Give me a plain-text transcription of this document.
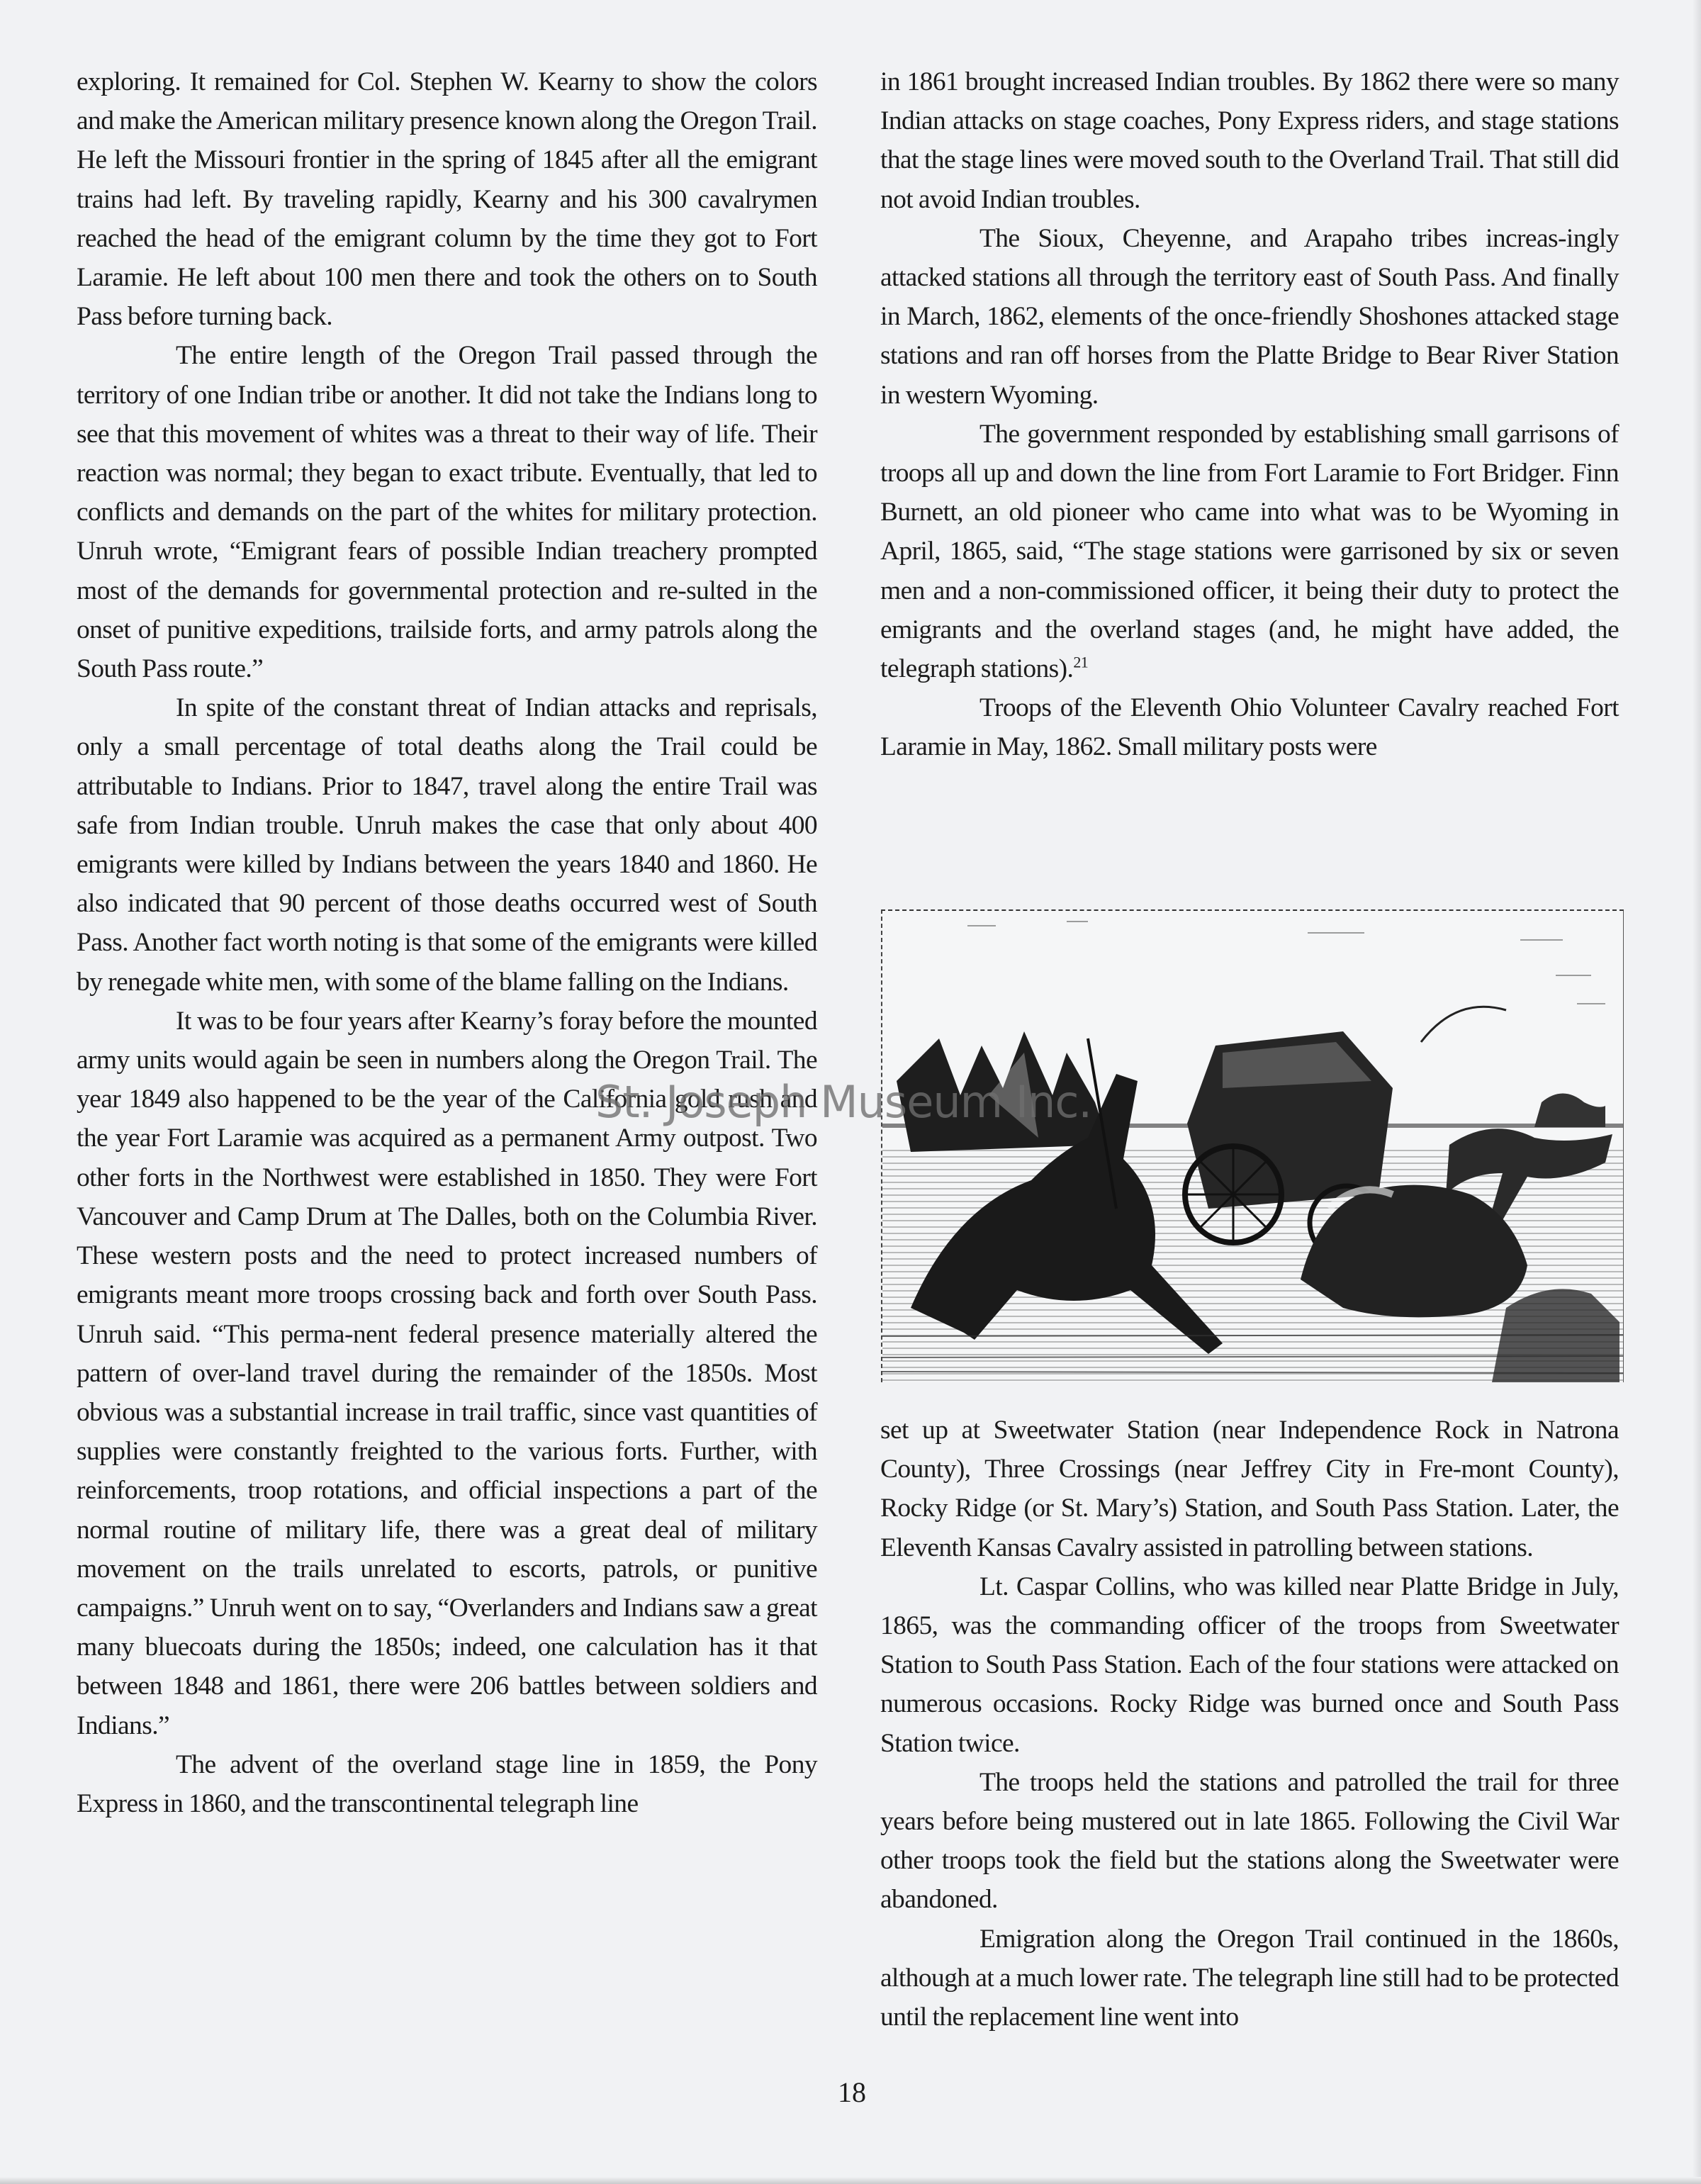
exploring. It remained for Col. Stephen W. Kearny to show the colors and make the American military presence known along the Oregon Trail. He left the Missouri frontier in the spring of 1845 after all the emigrant trains had left. By traveling rapidly, Kearny and his 300 cavalrymen reached the head of the emigrant column by the time they got to Fort Laramie. He left about 100 men there and took the others on to South Pass before turning back.

The entire length of the Oregon Trail passed through the territory of one Indian tribe or another. It did not take the Indians long to see that this movement of whites was a threat to their way of life. Their reaction was normal; they began to exact tribute. Eventually, that led to conflicts and demands on the part of the whites for military protection. Unruh wrote, “Emigrant fears of possible Indian treachery prompted most of the demands for governmental protection and re-sulted in the onset of punitive expeditions, trailside forts, and army patrols along the South Pass route.”

In spite of the constant threat of Indian attacks and reprisals, only a small percentage of total deaths along the Trail could be attributable to Indians. Prior to 1847, travel along the entire Trail was safe from Indian trouble. Unruh makes the case that only about 400 emigrants were killed by Indians between the years 1840 and 1860. He also indicated that 90 percent of those deaths occurred west of South Pass. Another fact worth noting is that some of the emigrants were killed by renegade white men, with some of the blame falling on the Indians.

It was to be four years after Kearny’s foray before the mounted army units would again be seen in numbers along the Oregon Trail. The year 1849 also happened to be the year of the California gold rush and the year Fort Laramie was acquired as a permanent Army outpost. Two other forts in the Northwest were established in 1850. They were Fort Vancouver and Camp Drum at The Dalles, both on the Columbia River. These western posts and the need to protect increased numbers of emigrants meant more troops crossing back and forth over South Pass. Unruh said. “This perma-nent federal presence materially altered the pattern of over-land travel during the remainder of the 1850s. Most obvious was a substantial increase in trail traffic, since vast quantities of supplies were constantly freighted to the various forts. Further, with reinforcements, troop rotations, and official inspections a part of the normal routine of military life, there was a great deal of military movement on the trails unrelated to escorts, patrols, or punitive campaigns.” Unruh went on to say, “Overlanders and Indians saw a great many bluecoats during the 1850s; indeed, one calculation has it that between 1848 and 1861, there were 206 battles between soldiers and Indians.”

The advent of the overland stage line in 1859, the Pony Express in 1860, and the transcontinental telegraph line

in 1861 brought increased Indian troubles. By 1862 there were so many Indian attacks on stage coaches, Pony Express riders, and stage stations that the stage lines were moved south to the Overland Trail. That still did not avoid Indian troubles.

The Sioux, Cheyenne, and Arapaho tribes increas-ingly attacked stations all through the territory east of South Pass. And finally in March, 1862, elements of the once-friendly Shoshones attacked stage stations and ran off horses from the Platte Bridge to Bear River Station in western Wyoming.

The government responded by establishing small garrisons of troops all up and down the line from Fort Laramie to Fort Bridger. Finn Burnett, an old pioneer who came into what was to be Wyoming in April, 1865, said, “The stage stations were garrisoned by six or seven men and a non-commissioned officer, it being their duty to protect the emigrants and the overland stages (and, he might have added, the telegraph stations).$^{21}$

Troops of the Eleventh Ohio Volunteer Cavalry reached Fort Laramie in May, 1862. Small military posts were

set up at Sweetwater Station (near Independence Rock in Natrona County), Three Crossings (near Jeffrey City in Fre-mont County), Rocky Ridge (or St. Mary’s) Station, and South Pass Station. Later, the Eleventh Kansas Cavalry assisted in patrolling between stations.

Lt. Caspar Collins, who was killed near Platte Bridge in July, 1865, was the commanding officer of the troops from Sweetwater Station to South Pass Station. Each of the four stations were attacked on numerous occasions. Rocky Ridge was burned once and South Pass Station twice.

The troops held the stations and patrolled the trail for three years before being mustered out in late 1865. Following the Civil War other troops took the field but the stations along the Sweetwater were abandoned.

Emigration along the Oregon Trail continued in the 1860s, although at a much lower rate. The telegraph line still had to be protected until the replacement line went into

St. Joseph Museum Inc.
18
